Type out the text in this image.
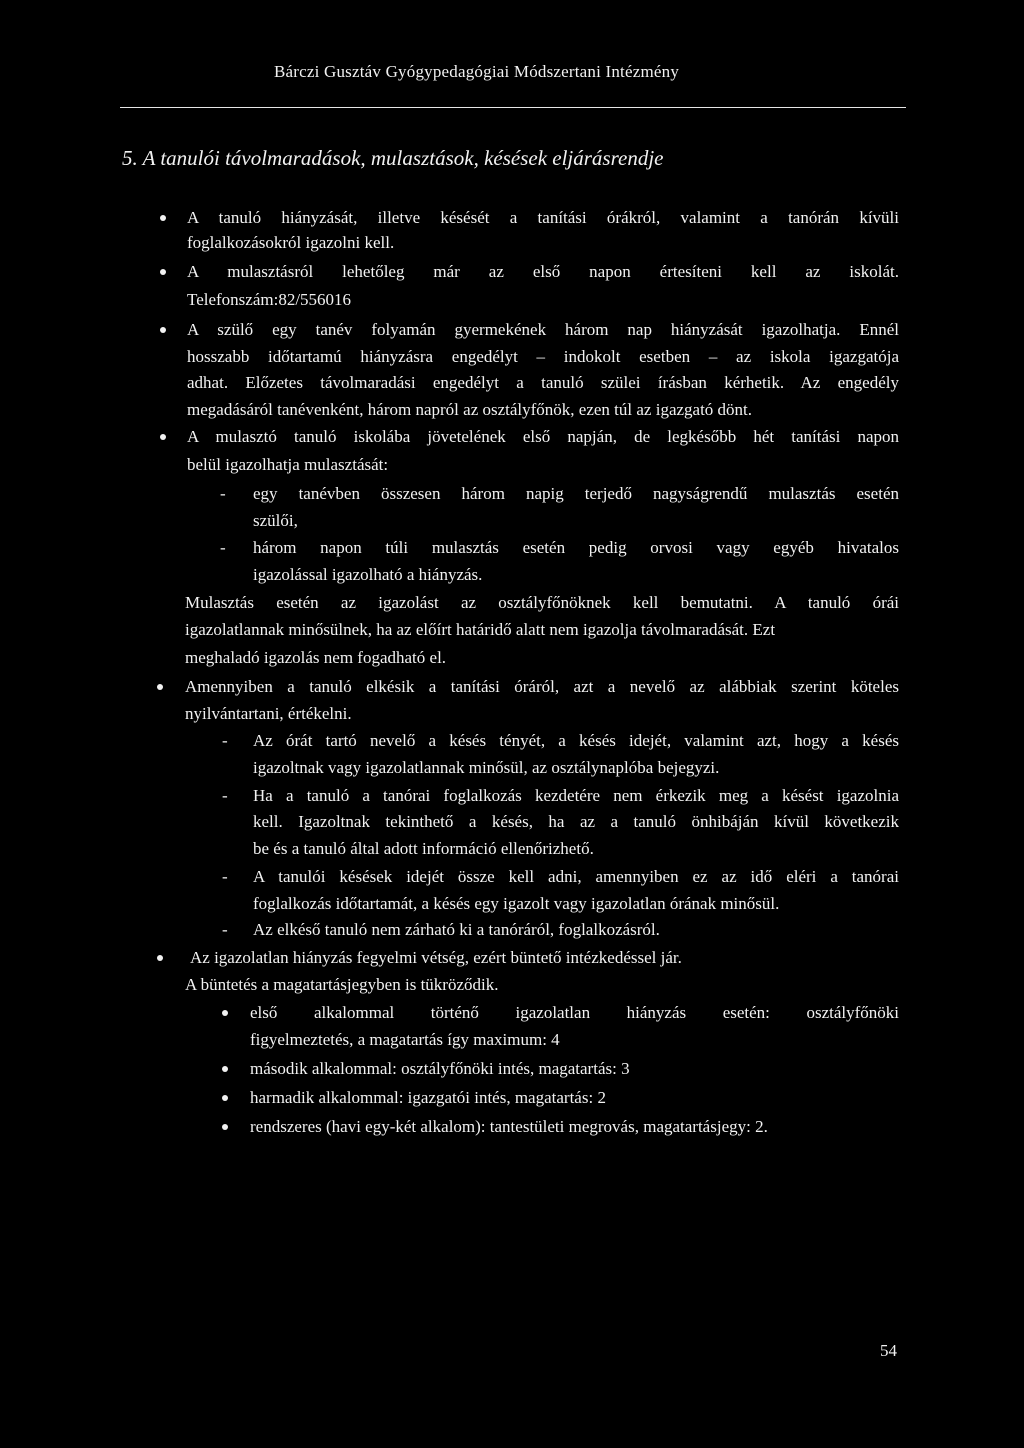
Bárczi Gusztáv Gyógypedagógiai Módszertani Intézmény
5. A tanulói távolmaradások, mulasztások, késések eljárásrendje
A tanuló hiányzását, illetve késését a tanítási órákról, valamint a tanórán kívüli
foglalkozásokról igazolni kell.
A mulasztásról lehetőleg már az első napon értesíteni kell az iskolát.
Telefonszám:82/556016
A szülő egy tanév folyamán gyermekének három nap hiányzását igazolhatja. Ennél
hosszabb időtartamú hiányzásra engedélyt – indokolt esetben – az iskola igazgatója
adhat. Előzetes távolmaradási engedélyt a tanuló szülei írásban kérhetik. Az engedély
megadásáról tanévenként, három napról az osztályfőnök, ezen túl az igazgató dönt.
A mulasztó tanuló iskolába jövetelének első napján, de legkésőbb hét tanítási napon
belül igazolhatja mulasztását:
- egy tanévben összesen három napig terjedő nagyságrendű mulasztás esetén
szülői,
- három napon túli mulasztás esetén pedig orvosi vagy egyéb hivatalos
igazolással igazolható a hiányzás.
Mulasztás esetén az igazolást az osztályfőnöknek kell bemutatni. A tanuló órái
igazolatlannak minősülnek, ha az előírt határidő alatt nem igazolja távolmaradását. Ezt
meghaladó igazolás nem fogadható el.
Amennyiben a tanuló elkésik a tanítási óráról, azt a nevelő az alábbiak szerint köteles
nyilvántartani, értékelni.
- Az órát tartó nevelő a késés tényét, a késés idejét, valamint azt, hogy a késés
igazoltnak vagy igazolatlannak minősül, az osztálynaplóba bejegyzi.
- Ha a tanuló a tanórai foglalkozás kezdetére nem érkezik meg a késést igazolnia
kell. Igazoltnak tekinthető a késés, ha az a tanuló önhibáján kívül következik
be és a tanuló által adott információ ellenőrizhető.
- A tanulói késések idejét össze kell adni, amennyiben ez az idő eléri a tanórai
foglalkozás időtartamát, a késés egy igazolt vagy igazolatlan órának minősül.
- Az elkéső tanuló nem zárható ki a tanóráról, foglalkozásról.
Az igazolatlan hiányzás fegyelmi vétség, ezért büntető intézkedéssel jár.
A büntetés a magatartásjegyben is tükröződik.
első alkalommal történő igazolatlan hiányzás esetén: osztályfőnöki
figyelmeztetés, a magatartás így maximum: 4
második alkalommal: osztályfőnöki intés, magatartás: 3
harmadik alkalommal: igazgatói intés, magatartás: 2
rendszeres (havi egy-két alkalom): tantestületi megrovás, magatartásjegy: 2.
54
